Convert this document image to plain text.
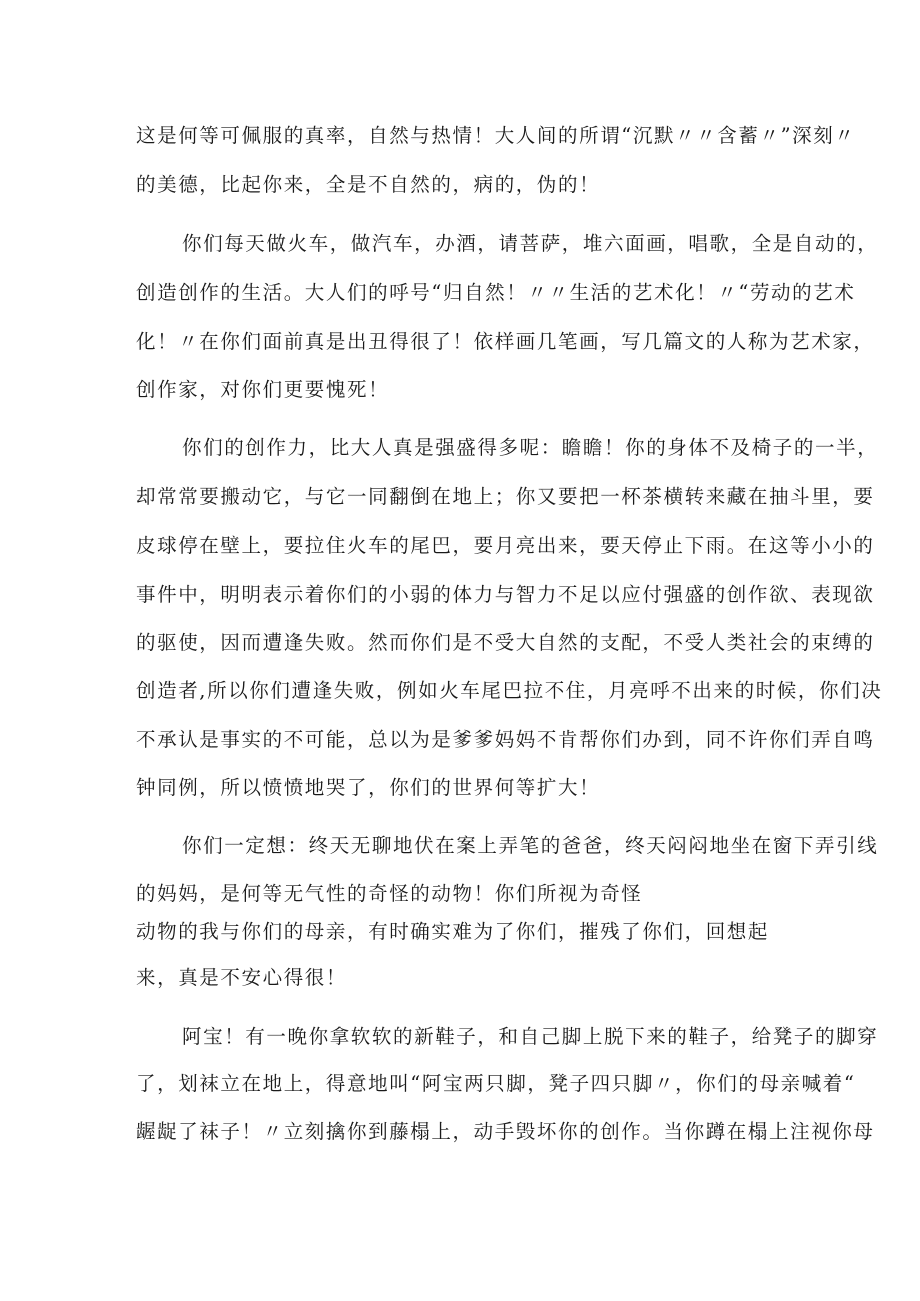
这是何等可佩服的真率，自然与热情！大人间的所谓“沉默〃〃含蓄〃”深刻〃
的美德，比起你来，全是不自然的，病的，伪的！
你们每天做火车，做汽车，办酒，请菩萨，堆六面画，唱歌，全是自动的，
创造创作的生活。大人们的呼号“归自然！〃〃生活的艺术化！〃“劳动的艺术
化！〃在你们面前真是出丑得很了！依样画几笔画，写几篇文的人称为艺术家，
创作家，对你们更要愧死！
你们的创作力，比大人真是强盛得多呢：瞻瞻！你的身体不及椅子的一半，
却常常要搬动它，与它一同翻倒在地上；你又要把一杯茶横转来藏在抽斗里，要
皮球停在壁上，要拉住火车的尾巴，要月亮出来，要天停止下雨。在这等小小的
事件中，明明表示着你们的小弱的体力与智力不足以应付强盛的创作欲、表现欲
的驱使，因而遭逢失败。然而你们是不受大自然的支配，不受人类社会的束缚的
创造者,所以你们遭逢失败，例如火车尾巴拉不住，月亮呼不出来的时候，你们决
不承认是事实的不可能，总以为是爹爹妈妈不肯帮你们办到，同不许你们弄自鸣
钟同例，所以愤愤地哭了，你们的世界何等扩大！
你们一定想：终天无聊地伏在案上弄笔的爸爸，终天闷闷地坐在窗下弄引线
的妈妈，是何等无气性的奇怪的动物！你们所视为奇怪
动物的我与你们的母亲，有时确实难为了你们，摧残了你们，回想起
来，真是不安心得很！
阿宝！有一晚你拿软软的新鞋子，和自己脚上脱下来的鞋子，给凳子的脚穿
了，划袜立在地上，得意地叫“阿宝两只脚，凳子四只脚〃，你们的母亲喊着“
龌龊了袜子！〃立刻擒你到藤榻上，动手毁坏你的创作。当你蹲在榻上注视你母
